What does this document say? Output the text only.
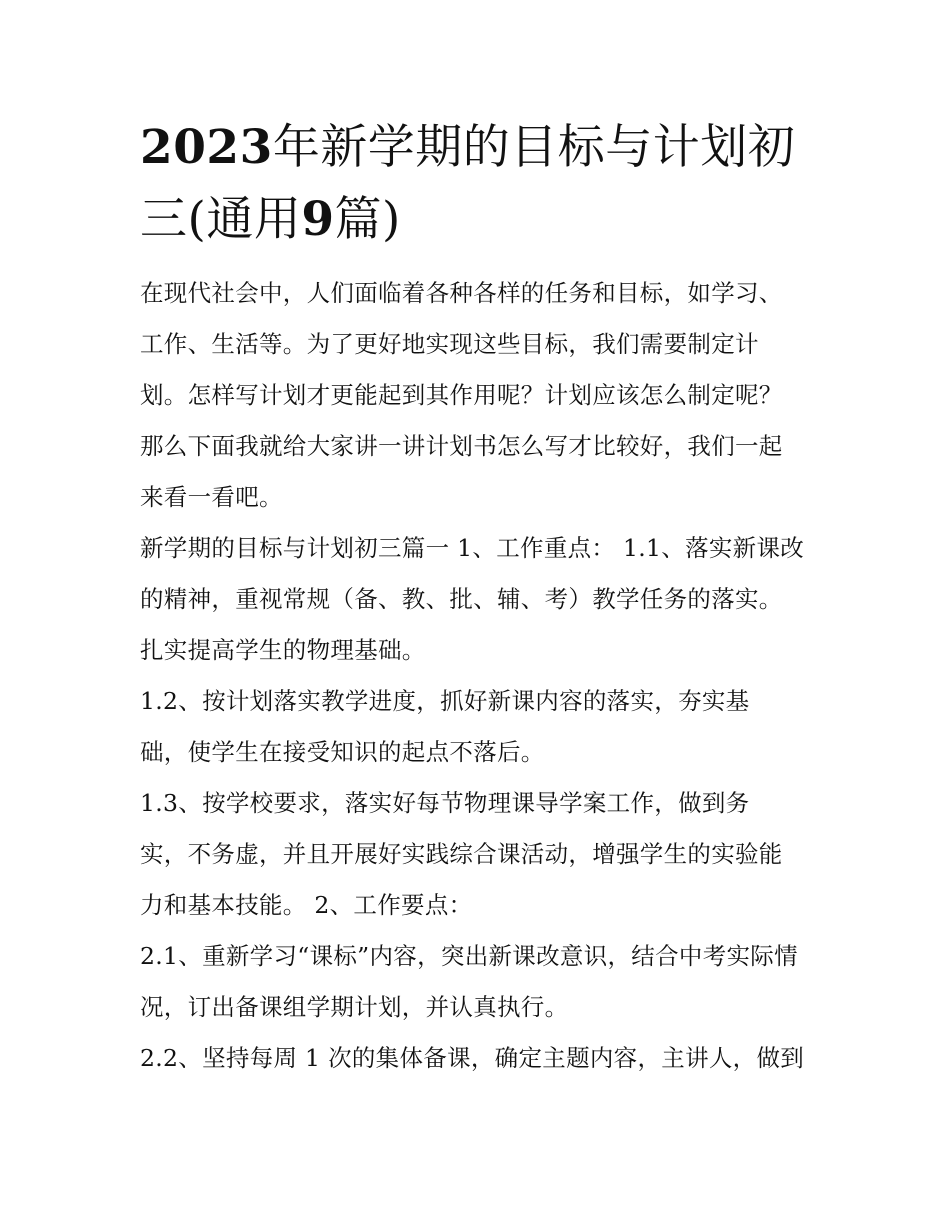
2023年新学期的目标与计划初
三(通用9篇)

在现代社会中，人们面临着各种各样的任务和目标，如学习、
工作、生活等。为了更好地实现这些目标，我们需要制定计
划。怎样写计划才更能起到其作用呢？计划应该怎么制定呢？
那么下面我就给大家讲一讲计划书怎么写才比较好，我们一起
来看一看吧。

新学期的目标与计划初三篇一 1、工作重点： 1.1、落实新课改
的精神，重视常规（备、教、批、辅、考）教学任务的落实。
扎实提高学生的物理基础。

1.2、按计划落实教学进度，抓好新课内容的落实，夯实基
础，使学生在接受知识的起点不落后。

1.3、按学校要求，落实好每节物理课导学案工作，做到务
实，不务虚，并且开展好实践综合课活动，增强学生的实验能
力和基本技能。 2、工作要点：

2.1、重新学习“课标”内容，突出新课改意识，结合中考实际情
况，订出备课组学期计划，并认真执行。

2.2、坚持每周 1 次的集体备课，确定主题内容，主讲人，做到
